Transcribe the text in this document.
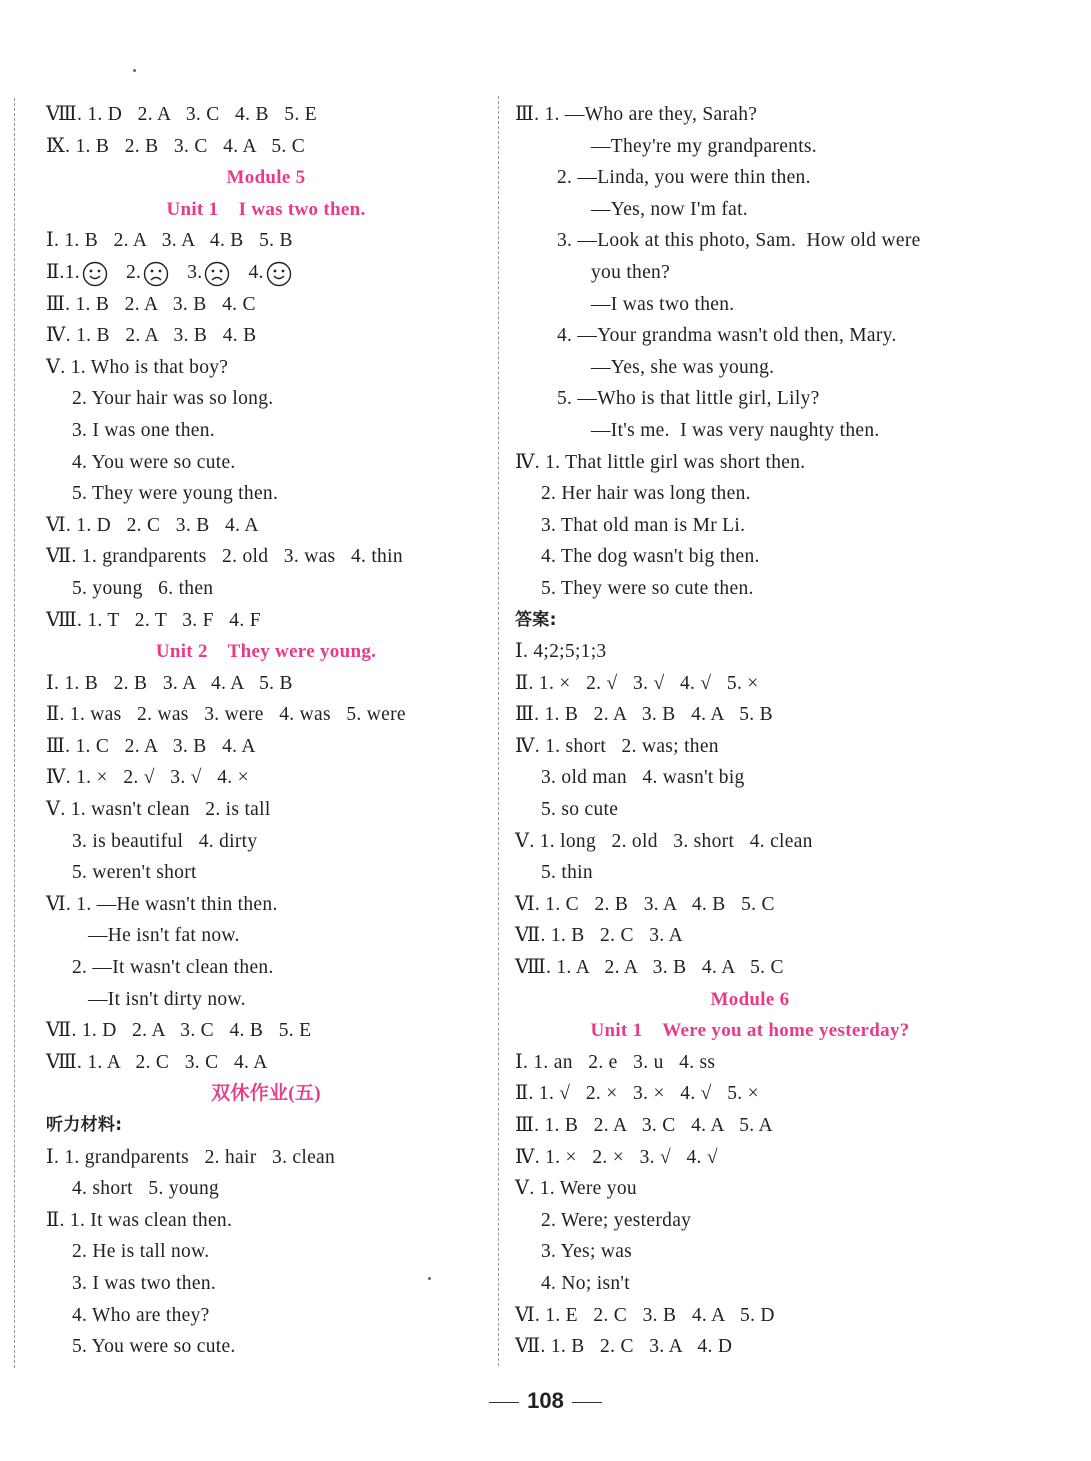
Ⅷ. 1. D   2. A   3. C   4. B   5. E
Ⅸ. 1. B   2. B   3. C   4. A   5. C
Module 5
Unit 1    I was two then.
Ⅰ. 1. B   2. A   3. A   4. B   5. B
Ⅱ.1. 2. 3. 4.
Ⅲ. 1. B   2. A   3. B   4. C
Ⅳ. 1. B   2. A   3. B   4. B
Ⅴ. 1. Who is that boy?
2. Your hair was so long.
3. I was one then.
4. You were so cute.
5. They were young then.
Ⅵ. 1. D   2. C   3. B   4. A
Ⅶ. 1. grandparents   2. old   3. was   4. thin
5. young   6. then
Ⅷ. 1. T   2. T   3. F   4. F
Unit 2    They were young.
Ⅰ. 1. B   2. B   3. A   4. A   5. B
Ⅱ. 1. was   2. was   3. were   4. was   5. were
Ⅲ. 1. C   2. A   3. B   4. A
Ⅳ. 1. ×   2. √   3. √   4. ×
Ⅴ. 1. wasn't clean   2. is tall
3. is beautiful   4. dirty
5. weren't short
Ⅵ. 1. —He wasn't thin then.
—He isn't fat now.
2. —It wasn't clean then.
—It isn't dirty now.
Ⅶ. 1. D   2. A   3. C   4. B   5. E
Ⅷ. 1. A   2. C   3. C   4. A
双休作业(五)
听力材料:
Ⅰ. 1. grandparents   2. hair   3. clean
4. short   5. young
Ⅱ. 1. It was clean then.
2. He is tall now.
3. I was two then.
4. Who are they?
5. You were so cute.
Ⅲ. 1. —Who are they, Sarah?
—They're my grandparents.
2. —Linda, you were thin then.
—Yes, now I'm fat.
3. —Look at this photo, Sam.  How old were
you then?
—I was two then.
4. —Your grandma wasn't old then, Mary.
—Yes, she was young.
5. —Who is that little girl, Lily?
—It's me.  I was very naughty then.
Ⅳ. 1. That little girl was short then.
2. Her hair was long then.
3. That old man is Mr Li.
4. The dog wasn't big then.
5. They were so cute then.
答案:
Ⅰ. 4;2;5;1;3
Ⅱ. 1. ×   2. √   3. √   4. √   5. ×
Ⅲ. 1. B   2. A   3. B   4. A   5. B
Ⅳ. 1. short   2. was; then
3. old man   4. wasn't big
5. so cute
Ⅴ. 1. long   2. old   3. short   4. clean
5. thin
Ⅵ. 1. C   2. B   3. A   4. B   5. C
Ⅶ. 1. B   2. C   3. A
Ⅷ. 1. A   2. A   3. B   4. A   5. C
Module 6
Unit 1    Were you at home yesterday?
Ⅰ. 1. an   2. e   3. u   4. ss
Ⅱ. 1. √   2. ×   3. ×   4. √   5. ×
Ⅲ. 1. B   2. A   3. C   4. A   5. A
Ⅳ. 1. ×   2. ×   3. √   4. √
Ⅴ. 1. Were you
2. Were; yesterday
3. Yes; was
4. No; isn't
Ⅵ. 1. E   2. C   3. B   4. A   5. D
Ⅶ. 1. B   2. C   3. A   4. D
108
